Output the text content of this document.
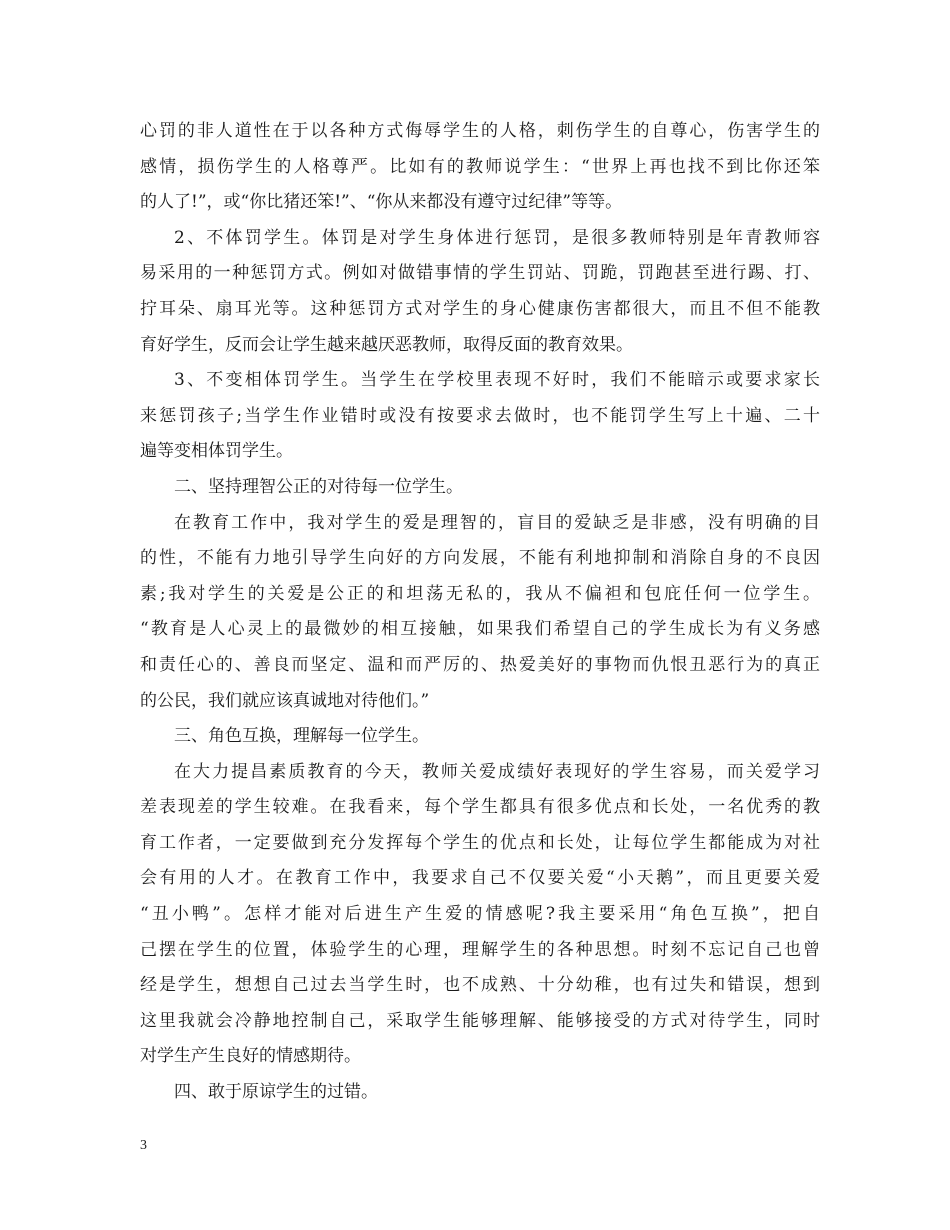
心罚的非人道性在于以各种方式侮辱学生的人格，刺伤学生的自尊心，伤害学生的
感情，损伤学生的人格尊严。比如有的教师说学生：“世界上再也找不到比你还笨
的人了!”，或“你比猪还笨!”、“你从来都没有遵守过纪律”等等。
2、不体罚学生。体罚是对学生身体进行惩罚，是很多教师特别是年青教师容
易采用的一种惩罚方式。例如对做错事情的学生罚站、罚跪，罚跑甚至进行踢、打、
拧耳朵、扇耳光等。这种惩罚方式对学生的身心健康伤害都很大，而且不但不能教
育好学生，反而会让学生越来越厌恶教师，取得反面的教育效果。
3、不变相体罚学生。当学生在学校里表现不好时，我们不能暗示或要求家长
来惩罚孩子;当学生作业错时或没有按要求去做时，也不能罚学生写上十遍、二十
遍等变相体罚学生。
二、坚持理智公正的对待每一位学生。
在教育工作中，我对学生的爱是理智的，盲目的爱缺乏是非感，没有明确的目
的性，不能有力地引导学生向好的方向发展，不能有利地抑制和消除自身的不良因
素;我对学生的关爱是公正的和坦荡无私的，我从不偏袒和包庇任何一位学生。
“教育是人心灵上的最微妙的相互接触，如果我们希望自己的学生成长为有义务感
和责任心的、善良而坚定、温和而严厉的、热爱美好的事物而仇恨丑恶行为的真正
的公民，我们就应该真诚地对待他们。”
三、角色互换，理解每一位学生。
在大力提昌素质教育的今天，教师关爱成绩好表现好的学生容易，而关爱学习
差表现差的学生较难。在我看来，每个学生都具有很多优点和长处，一名优秀的教
育工作者，一定要做到充分发挥每个学生的优点和长处，让每位学生都能成为对社
会有用的人才。在教育工作中，我要求自己不仅要关爱“小天鹅”，而且更要关爱
“丑小鸭”。怎样才能对后进生产生爱的情感呢?我主要采用“角色互换”，把自
己摆在学生的位置，体验学生的心理，理解学生的各种思想。时刻不忘记自己也曾
经是学生，想想自己过去当学生时，也不成熟、十分幼稚，也有过失和错误，想到
这里我就会冷静地控制自己，采取学生能够理解、能够接受的方式对待学生，同时
对学生产生良好的情感期待。
四、敢于原谅学生的过错。
3
